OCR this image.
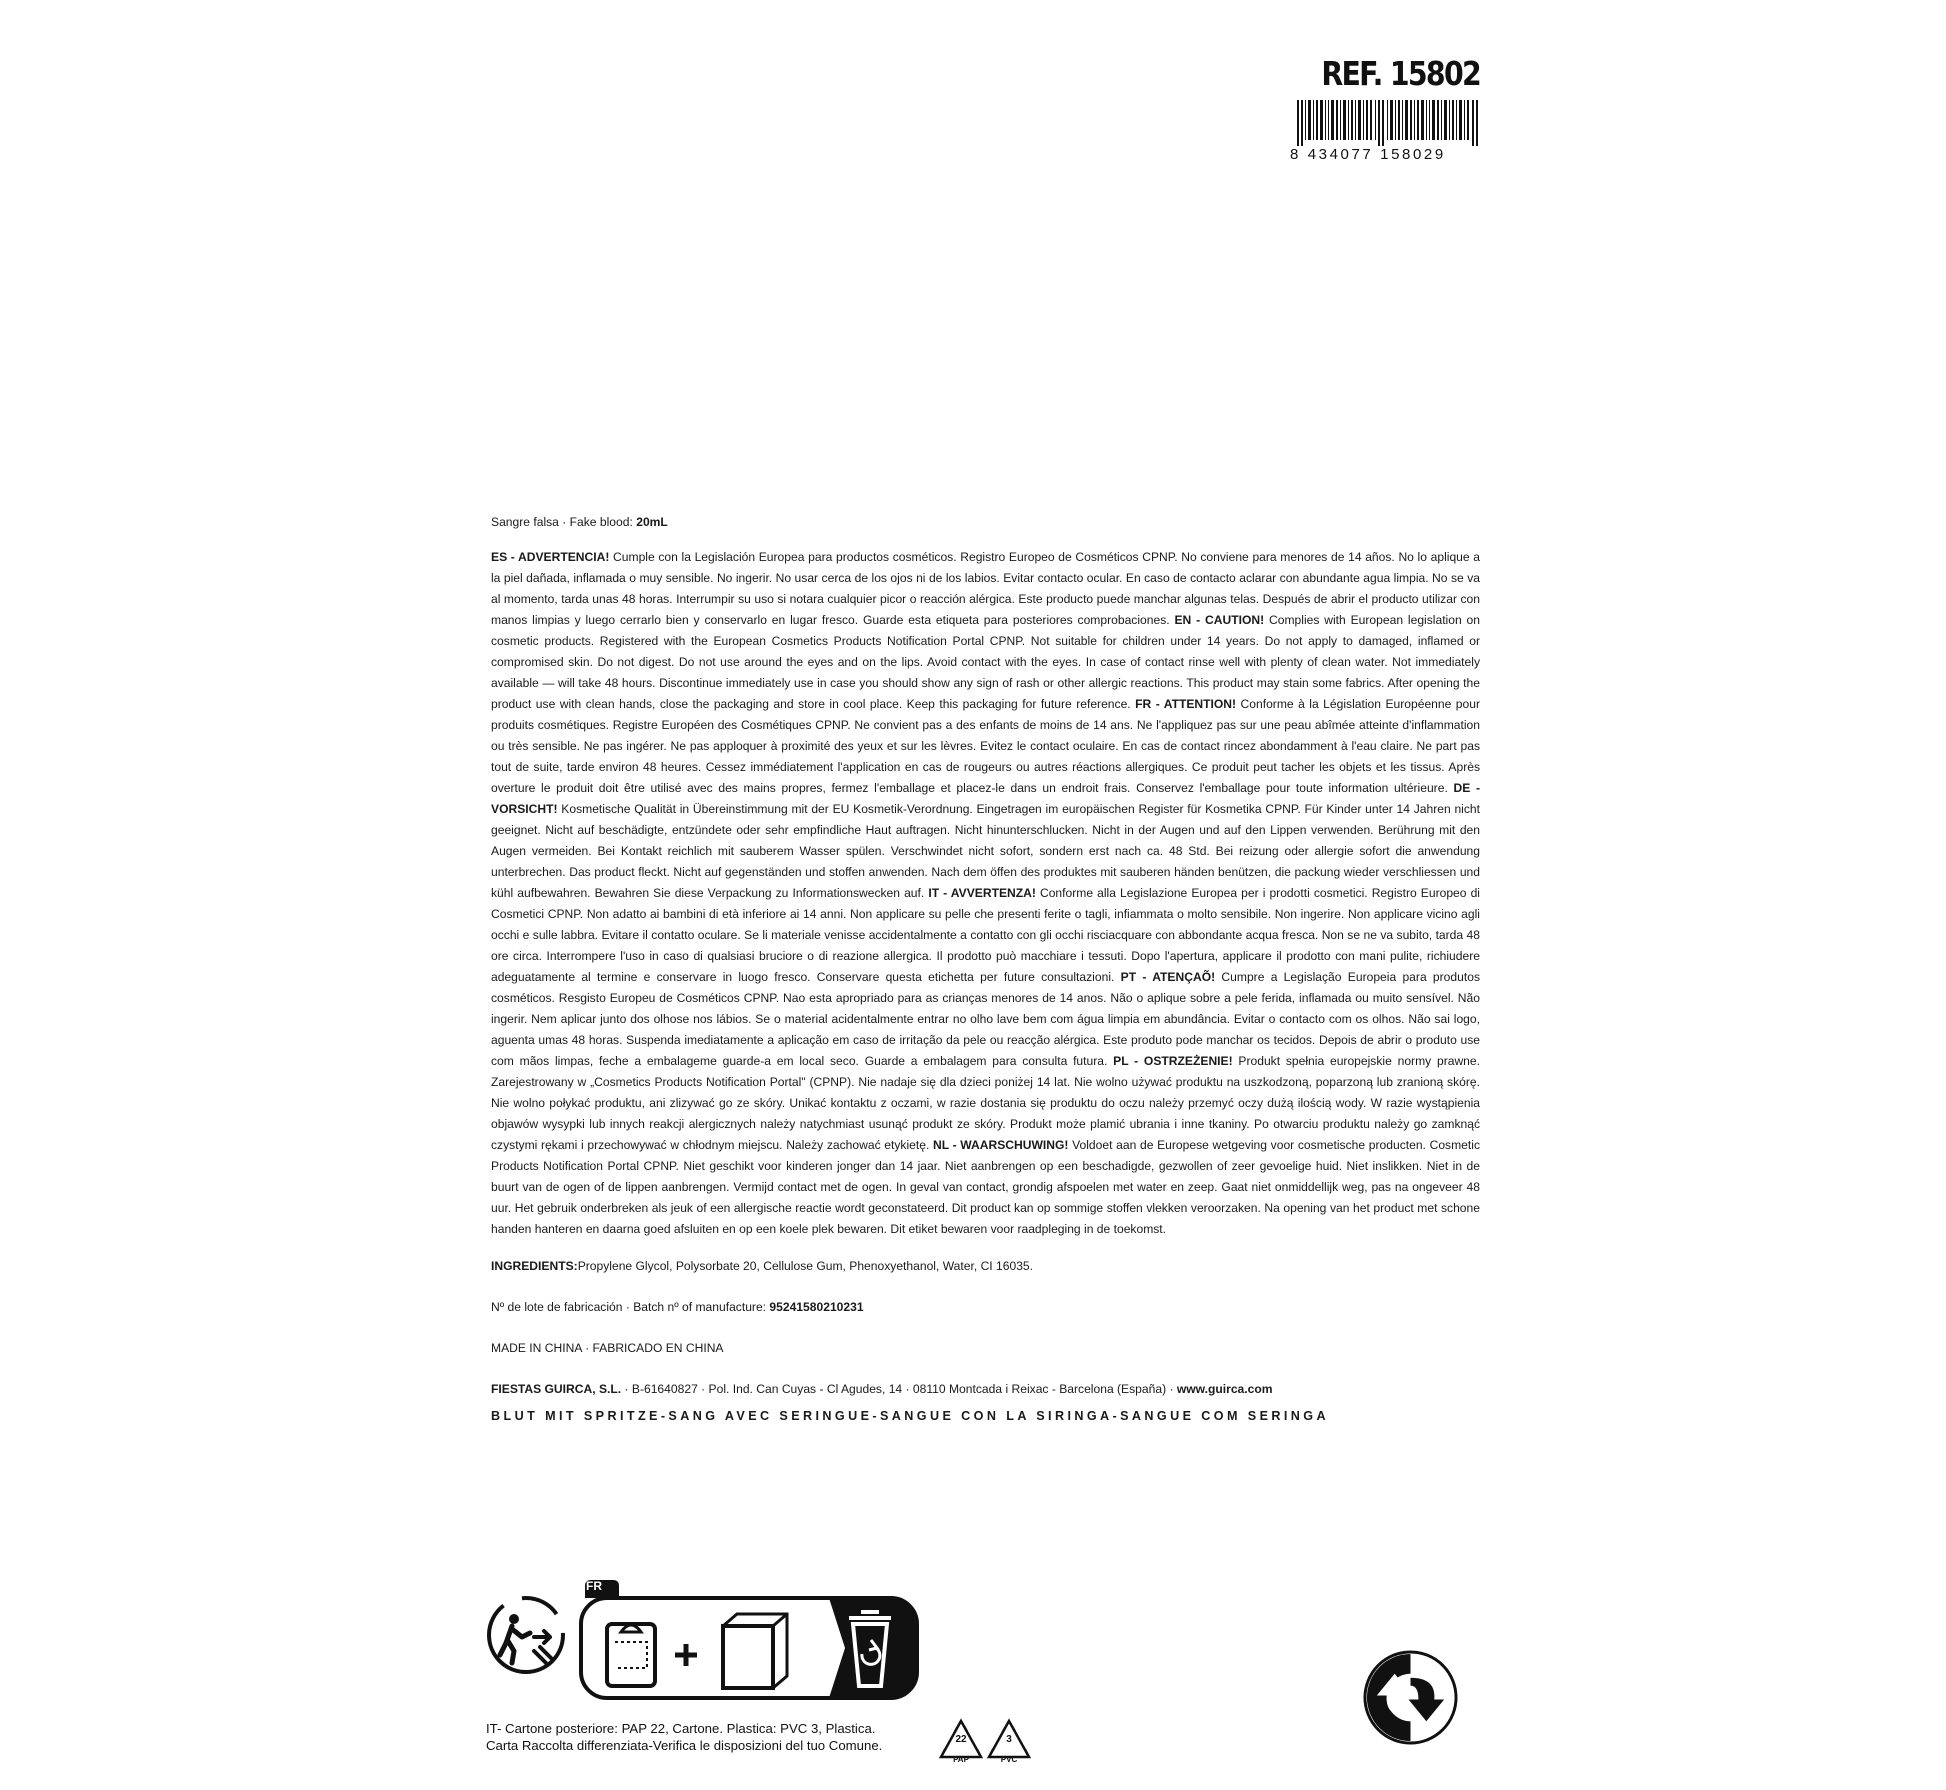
REF. 15802
8 434077 158029

Sangre falsa · Fake blood: 20mL

ES - ADVERTENCIA! Cumple con la Legislación Europea para productos cosméticos. Registro Europeo de Cosméticos CPNP. No conviene para menores de 14 años. No lo aplique a la piel dañada, inflamada o muy sensible. No ingerir. No usar cerca de los ojos ni de los labios. Evitar contacto ocular. En caso de contacto aclarar con abundante agua limpia. No se va al momento, tarda unas 48 horas. Interrumpir su uso si notara cualquier picor o reacción alérgica. Este producto puede manchar algunas telas. Después de abrir el producto utilizar con manos limpias y luego cerrarlo bien y conservarlo en lugar fresco. Guarde esta etiqueta para posteriores comprobaciones. EN - CAUTION! Complies with European legislation on cosmetic products. Registered with the European Cosmetics Products Notification Portal CPNP. Not suitable for children under 14 years. Do not apply to damaged, inflamed or compromised skin. Do not digest. Do not use around the eyes and on the lips. Avoid contact with the eyes. In case of contact rinse well with plenty of clean water. Not immediately available — will take 48 hours. Discontinue immediately use in case you should show any sign of rash or other allergic reactions. This product may stain some fabrics. After opening the product use with clean hands, close the packaging and store in cool place. Keep this packaging for future reference. FR - ATTENTION! Conforme à la Législation Européenne pour produits cosmétiques. Registre Européen des Cosmétiques CPNP. Ne convient pas a des enfants de moins de 14 ans. Ne l'appliquez pas sur une peau abîmée atteinte d'inflammation ou très sensible. Ne pas ingérer. Ne pas apploquer à proximité des yeux et sur les lèvres. Evitez le contact oculaire. En cas de contact rincez abondamment à l'eau claire. Ne part pas tout de suite, tarde environ 48 heures. Cessez immédiatement l'application en cas de rougeurs ou autres réactions allergiques. Ce produit peut tacher les objets et les tissus. Après overture le produit doit être utilisé avec des mains propres, fermez l'emballage et placez-le dans un endroit frais. Conservez l'emballage pour toute information ultérieure. DE - VORSICHT! Kosmetische Qualität in Übereinstimmung mit der EU Kosmetik-Verordnung. Eingetragen im europäischen Register für Kosmetika CPNP. Für Kinder unter 14 Jahren nicht geeignet. Nicht auf beschädigte, entzündete oder sehr empfindliche Haut auftragen. Nicht hinunterschlucken. Nicht in der Augen und auf den Lippen verwenden. Berührung mit den Augen vermeiden. Bei Kontakt reichlich mit sauberem Wasser spülen. Verschwindet nicht sofort, sondern erst nach ca. 48 Std. Bei reizung oder allergie sofort die anwendung unterbrechen. Das product fleckt. Nicht auf gegenständen und stoffen anwenden. Nach dem öffen des produktes mit sauberen händen benützen, die packung wieder verschliessen und kühl aufbewahren. Bewahren Sie diese Verpackung zu Informationswecken auf. IT - AVVERTENZA! Conforme alla Legislazione Europea per i prodotti cosmetici. Registro Europeo di Cosmetici CPNP. Non adatto ai bambini di età inferiore ai 14 anni. Non applicare su pelle che presenti ferite o tagli, infiammata o molto sensibile. Non ingerire. Non applicare vicino agli occhi e sulle labbra. Evitare il contatto oculare. Se li materiale venisse accidentalmente a contatto con gli occhi risciacquare con abbondante acqua fresca. Non se ne va subito, tarda 48 ore circa. Interrompere l'uso in caso di qualsiasi bruciore o di reazione allergica. Il prodotto può macchiare i tessuti. Dopo l'apertura, applicare il prodotto con mani pulite, richiudere adeguatamente al termine e conservare in luogo fresco. Conservare questa etichetta per future consultazioni. PT - ATENÇAÕ! Cumpre a Legislação Europeia para produtos cosméticos. Resgisto Europeu de Cosméticos CPNP. Nao esta apropriado para as crianças menores de 14 anos. Não o aplique sobre a pele ferida, inflamada ou muito sensível. Não ingerir. Nem aplicar junto dos olhose nos lábios. Se o material acidentalmente entrar no olho lave bem com água limpia em abundância. Evitar o contacto com os olhos. Não sai logo, aguenta umas 48 horas. Suspenda imediatamente a aplicação em caso de irritação da pele ou reacção alérgica. Este produto pode manchar os tecidos. Depois de abrir o produto use com mãos limpas, feche a embalageme guarde-a em local seco. Guarde a embalagem para consulta futura. PL - OSTRZEŻENIE! Produkt spełnia europejskie normy prawne. Zarejestrowany w „Cosmetics Products Notification Portal" (CPNP). Nie nadaje się dla dzieci poniżej 14 lat. Nie wolno używać produktu na uszkodzoną, poparzoną lub zranioną skórę. Nie wolno połykać produktu, ani zlizywać go ze skóry. Unikać kontaktu z oczami, w razie dostania się produktu do oczu należy przemyć oczy dużą ilością wody. W razie wystąpienia objawów wysypki lub innych reakcji alergicznych należy natychmiast usunąć produkt ze skóry. Produkt może plamić ubrania i inne tkaniny. Po otwarciu produktu należy go zamknąć czystymi rękami i przechowywać w chłodnym miejscu. Należy zachować etykietę. NL - WAARSCHUWING! Voldoet aan de Europese wetgeving voor cosmetische producten. Cosmetic Products Notification Portal CPNP. Niet geschikt voor kinderen jonger dan 14 jaar. Niet aanbrengen op een beschadigde, gezwollen of zeer gevoelige huid. Niet inslikken. Niet in de buurt van de ogen of de lippen aanbrengen. Vermijd contact met de ogen. In geval van contact, grondig afspoelen met water en zeep. Gaat niet onmiddellijk weg, pas na ongeveer 48 uur. Het gebruik onderbreken als jeuk of een allergische reactie wordt geconstateerd. Dit product kan op sommige stoffen vlekken veroorzaken. Na opening van het product met schone handen hanteren en daarna goed afsluiten en op een koele plek bewaren. Dit etiket bewaren voor raadpleging in de toekomst.

INGREDIENTS:Propylene Glycol, Polysorbate 20, Cellulose Gum, Phenoxyethanol, Water, CI 16035.

Nº de lote de fabricación · Batch nº of manufacture: 95241580210231

MADE IN CHINA · FABRICADO EN CHINA

FIESTAS GUIRCA, S.L. · B-61640827 · Pol. Ind. Can Cuyas - Cl Agudes, 14 · 08110 Montcada i Reixac - Barcelona (España) · www.guirca.com

BLUT MIT SPRITZE-SANG AVEC SERINGUE-SANGUE CON LA SIRINGA-SANGUE COM SERINGA

FR
IT- Cartone posteriore: PAP 22, Cartone. Plastica: PVC 3, Plastica.
Carta Raccolta differenziata-Verifica le disposizioni del tuo Comune.	22
PAP
3
PVC
